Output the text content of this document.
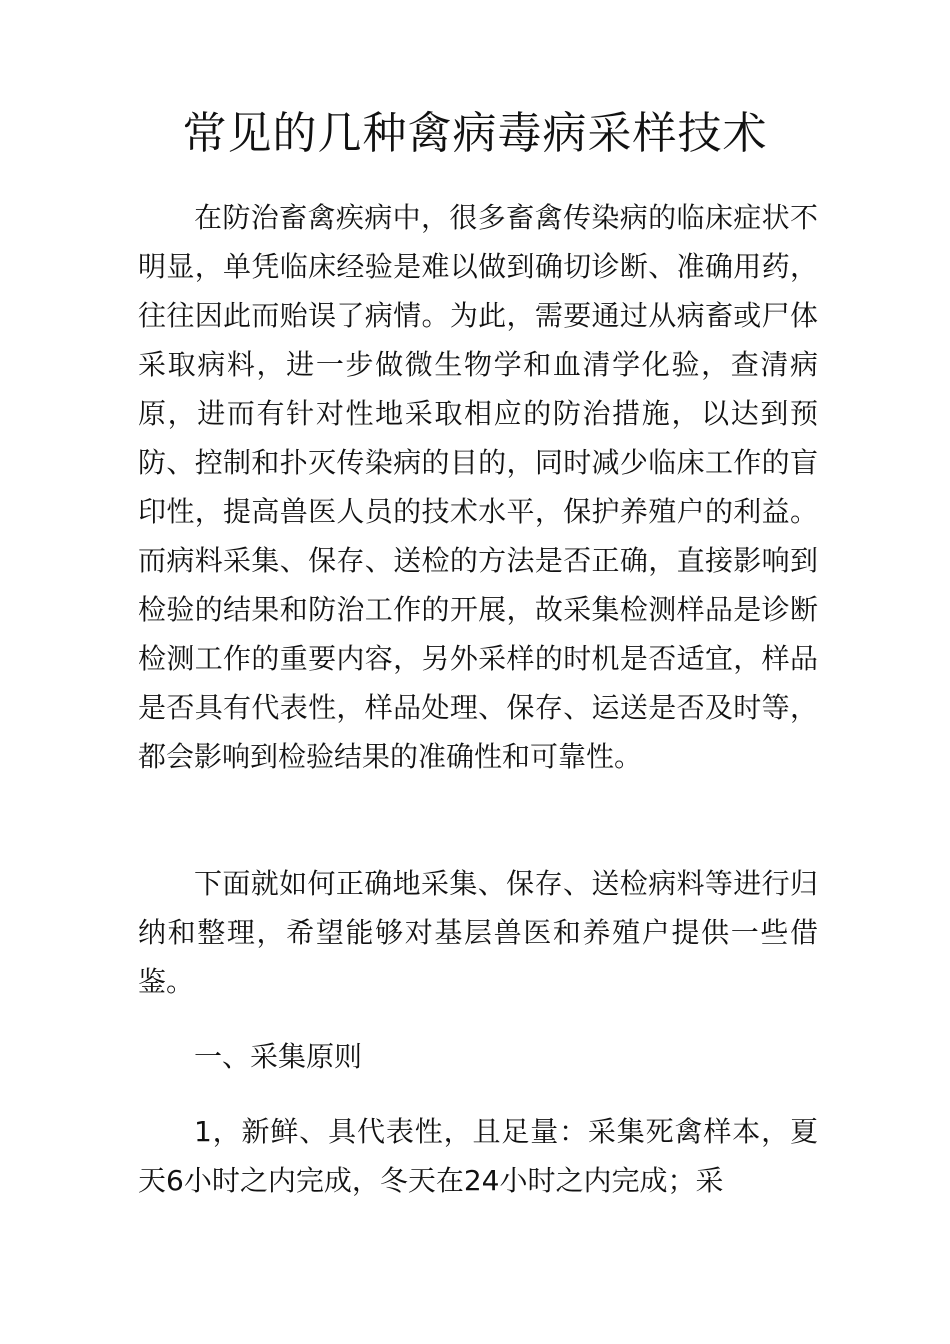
常见的几种禽病毒病采样技术

在防治畜禽疾病中，很多畜禽传染病的临床症状不明显，单凭临床经验是难以做到确切诊断、准确用药，往往因此而贻误了病情。为此，需要通过从病畜或尸体采取病料，进一步做微生物学和血清学化验，查清病原，进而有针对性地采取相应的防治措施，以达到预防、控制和扑灭传染病的目的，同时减少临床工作的盲印性，提高兽医人员的技术水平，保护养殖户的利益。而病料采集、保存、送检的方法是否正确，直接影响到检验的结果和防治工作的开展，故采集检测样品是诊断检测工作的重要内容，另外采样的时机是否适宜，样品是否具有代表性，样品处理、保存、运送是否及时等，都会影响到检验结果的准确性和可靠性。

下面就如何正确地采集、保存、送检病料等进行归纳和整理，希望能够对基层兽医和养殖户提供一些借鉴。

一、采集原则

1，新鲜、具代表性，且足量：采集死禽样本，夏天6小时之内完成，冬天在24小时之内完成；采
